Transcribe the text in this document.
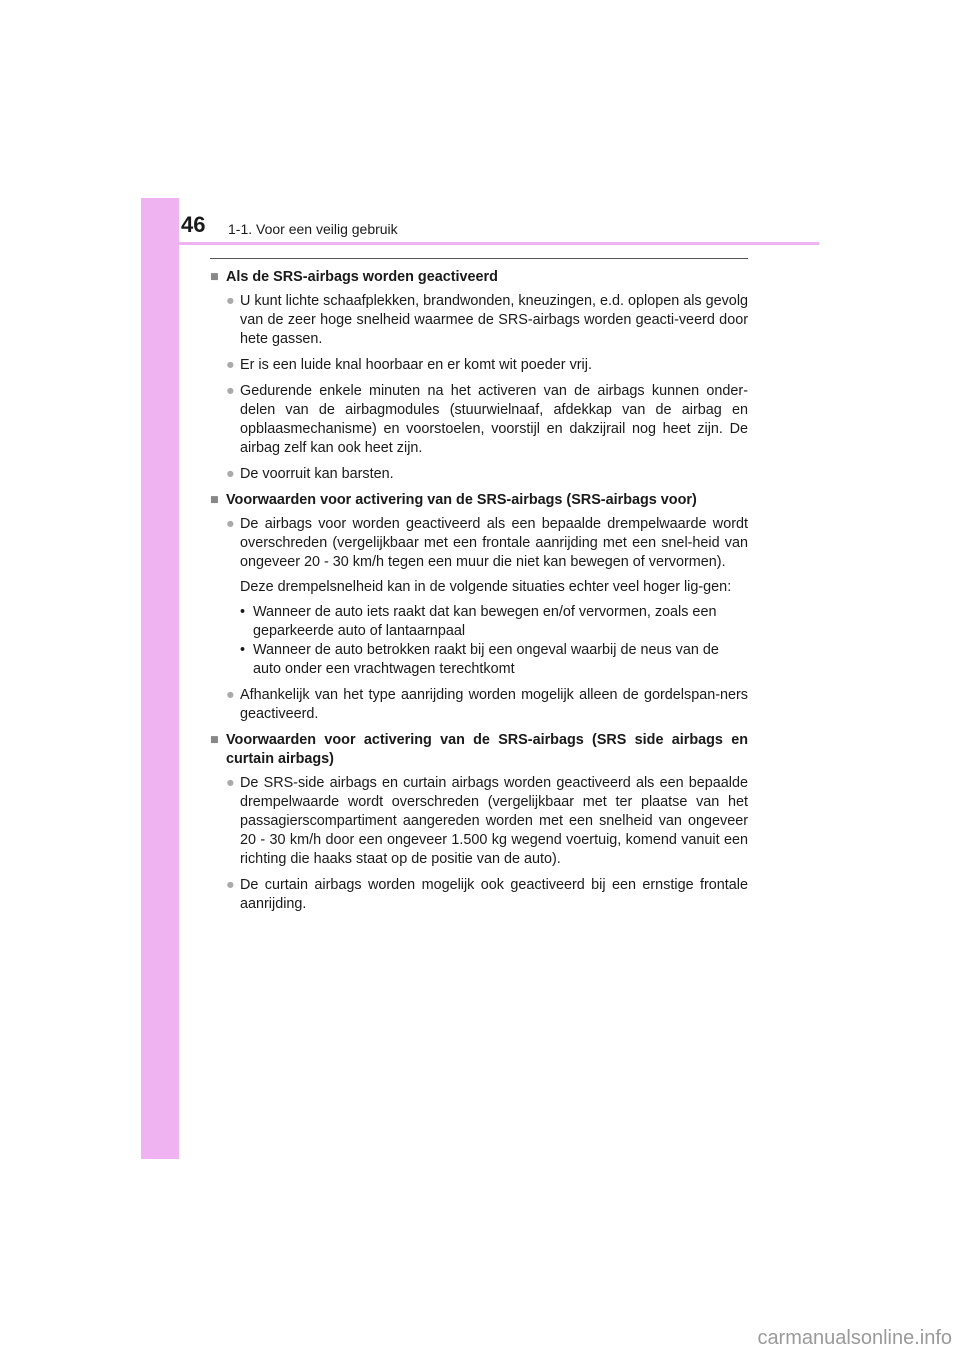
46 1-1. Voor een veilig gebruik
■ Als de SRS-airbags worden geactiveerd
● U kunt lichte schaafplekken, brandwonden, kneuzingen, e.d. oplopen als gevolg van de zeer hoge snelheid waarmee de SRS-airbags worden geacti-veerd door hete gassen.
● Er is een luide knal hoorbaar en er komt wit poeder vrij.
● Gedurende enkele minuten na het activeren van de airbags kunnen onder-delen van de airbagmodules (stuurwielnaaf, afdekkap van de airbag en opblaasmechanisme) en voorstoelen, voorstijl en dakzijrail nog heet zijn. De airbag zelf kan ook heet zijn.
● De voorruit kan barsten.
■ Voorwaarden voor activering van de SRS-airbags (SRS-airbags voor)
● De airbags voor worden geactiveerd als een bepaalde drempelwaarde wordt overschreden (vergelijkbaar met een frontale aanrijding met een snel-heid van ongeveer 20 - 30 km/h tegen een muur die niet kan bewegen of vervormen).
Deze drempelsnelheid kan in de volgende situaties echter veel hoger lig-gen:
• Wanneer de auto iets raakt dat kan bewegen en/of vervormen, zoals een geparkeerde auto of lantaarnpaal
• Wanneer de auto betrokken raakt bij een ongeval waarbij de neus van de auto onder een vrachtwagen terechtkomt
● Afhankelijk van het type aanrijding worden mogelijk alleen de gordelspan-ners geactiveerd.
■ Voorwaarden voor activering van de SRS-airbags (SRS side airbags en curtain airbags)
● De SRS-side airbags en curtain airbags worden geactiveerd als een bepaalde drempelwaarde wordt overschreden (vergelijkbaar met ter plaatse van het passagierscompartiment aangereden worden met een snelheid van ongeveer 20 - 30 km/h door een ongeveer 1.500 kg wegend voertuig, komend vanuit een richting die haaks staat op de positie van de auto).
● De curtain airbags worden mogelijk ook geactiveerd bij een ernstige frontale aanrijding.
carmanualsonline.info
